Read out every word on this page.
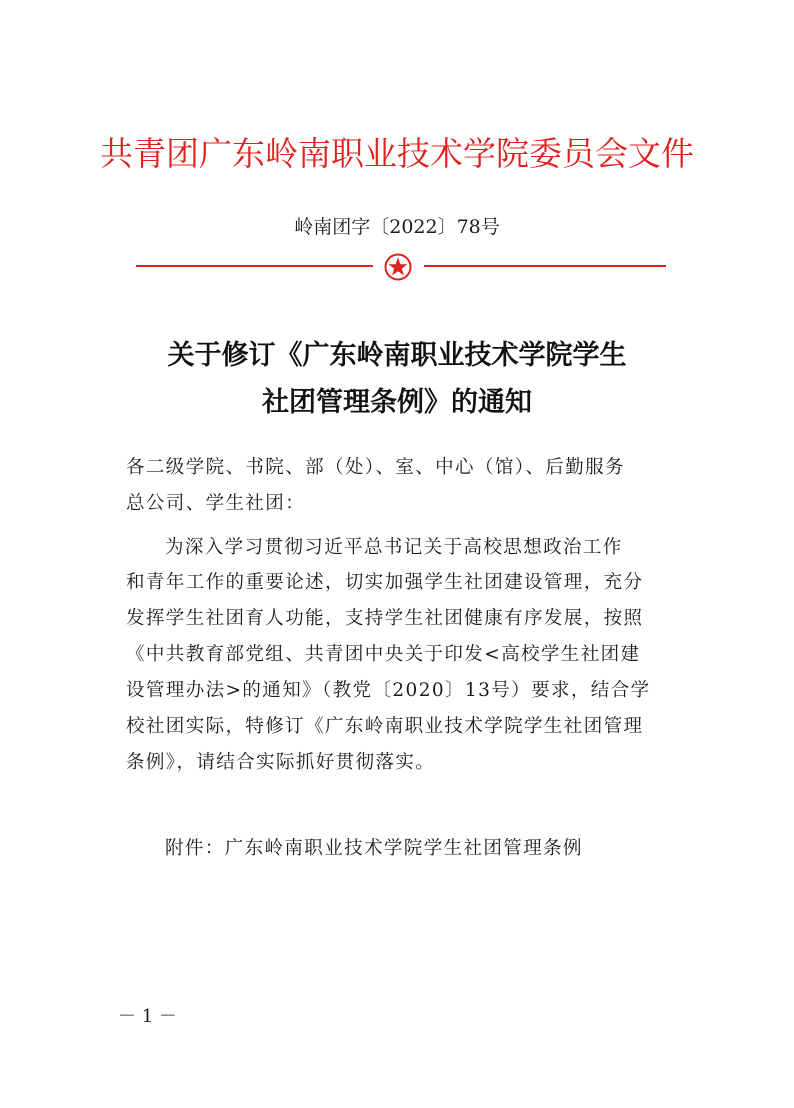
共青团广东岭南职业技术学院委员会文件
岭南团字〔2022〕78号
关于修订《广东岭南职业技术学院学生
社团管理条例》的通知
各二级学院、书院、部（处）、室、中心（馆）、后勤服务
总公司、学生社团：
为深入学习贯彻习近平总书记关于高校思想政治工作
和青年工作的重要论述，切实加强学生社团建设管理，充分
发挥学生社团育人功能，支持学生社团健康有序发展，按照
《中共教育部党组、共青团中央关于印发<高校学生社团建
设管理办法>的通知》（教党〔2020〕13号）要求，结合学
校社团实际，特修订《广东岭南职业技术学院学生社团管理
条例》，请结合实际抓好贯彻落实。
附件：广东岭南职业技术学院学生社团管理条例
－ 1 －
